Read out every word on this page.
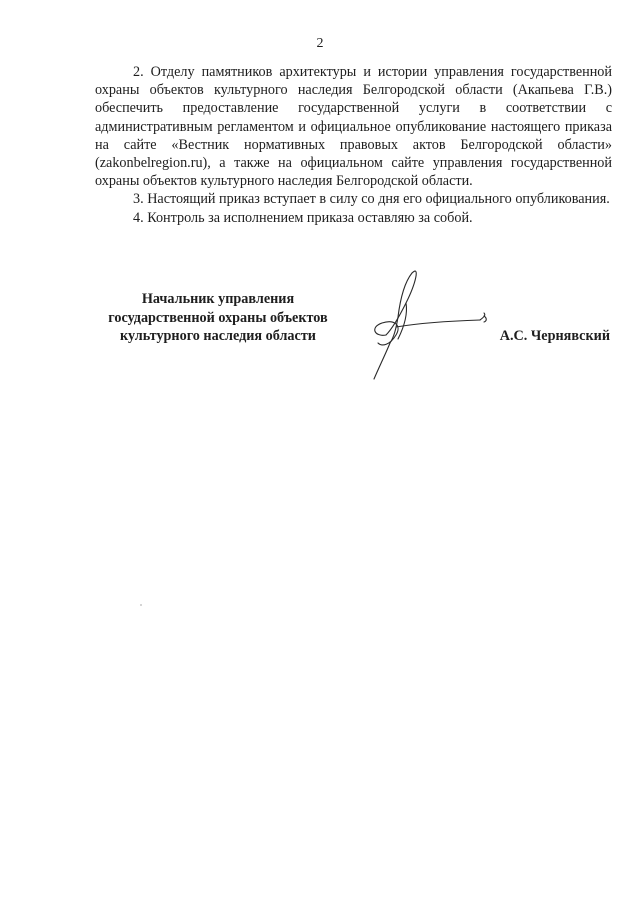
2

2. Отделу памятников архитектуры и истории управления государственной охраны объектов культурного наследия Белгородской области (Акапьева Г.В.) обеспечить предоставление государственной услуги в соответствии с административным регламентом и официальное опубликование настоящего приказа на сайте «Вестник нормативных правовых актов Белгородской области» (zakonbelregion.ru), а также на официальном сайте управления государственной охраны объектов культурного наследия Белгородской области.

3. Настоящий приказ вступает в силу со дня его официального опубликования.

4. Контроль за исполнением приказа оставляю за собой.

Начальник управления
государственной охраны объектов
культурного наследия области	А.С. Чернявский
